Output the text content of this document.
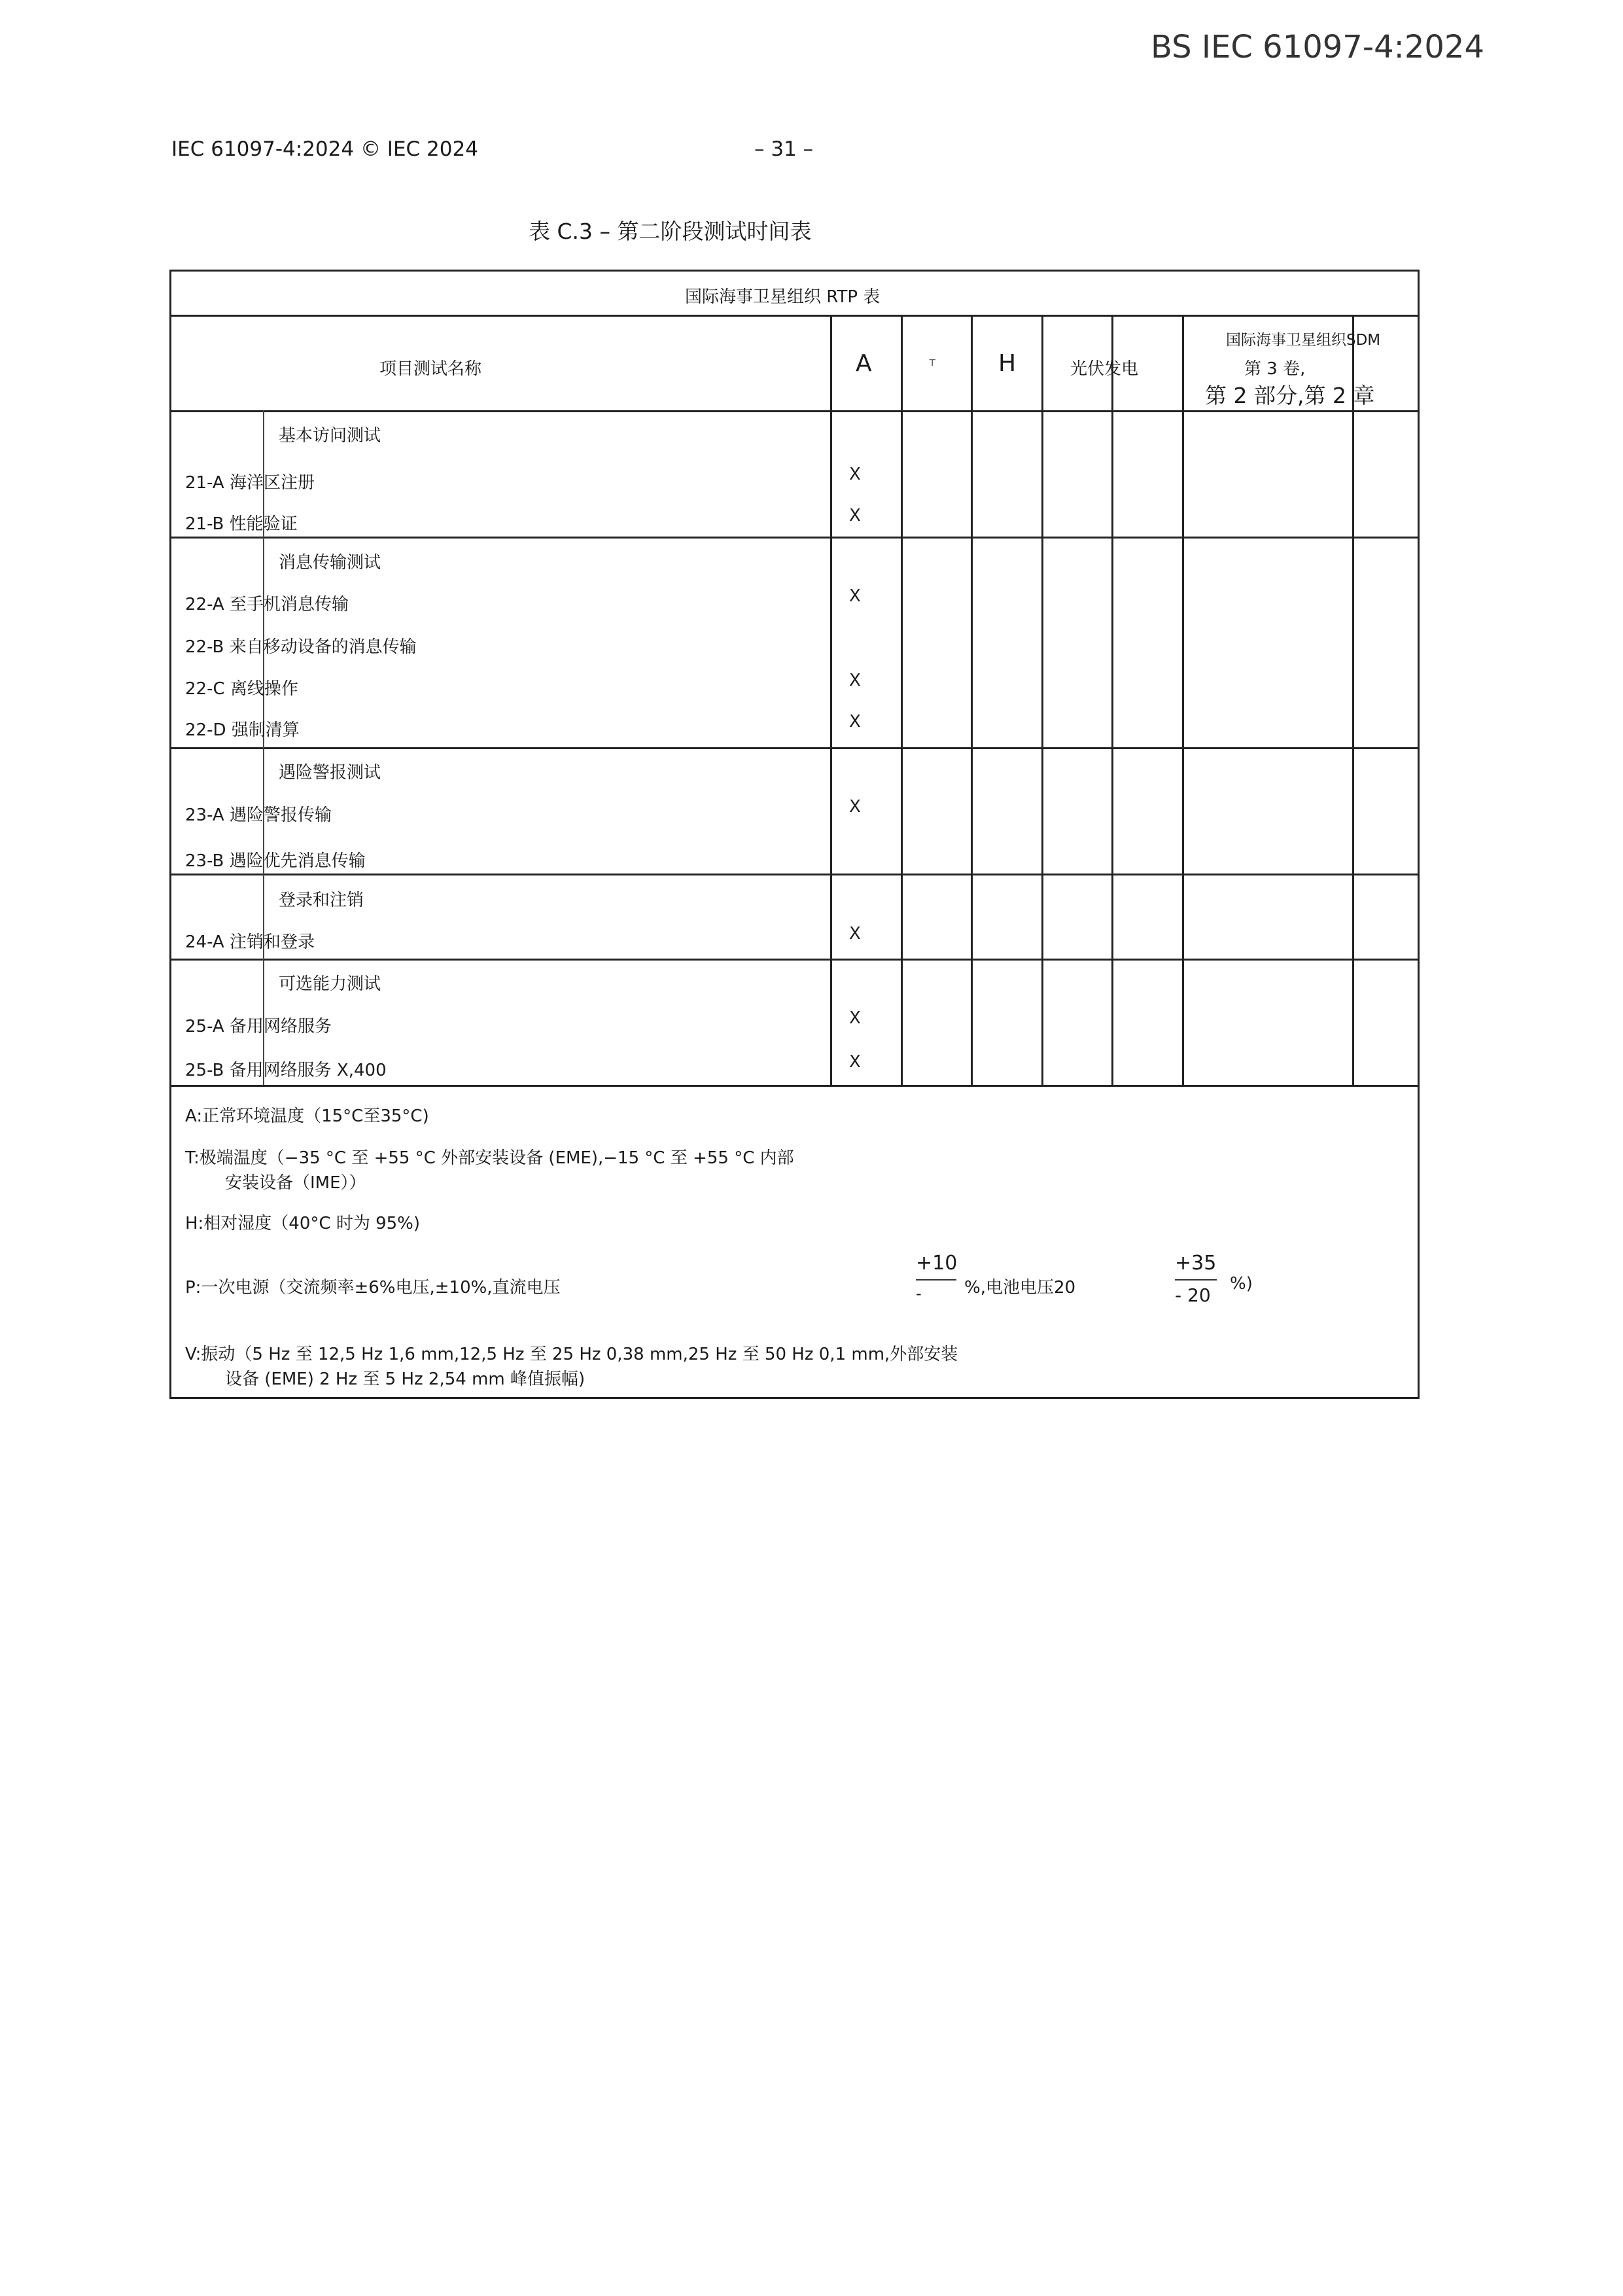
BS IEC 61097-4:2024
IEC 61097-4:2024 © IEC 2024	– 31 –
表 C.3 – 第二阶段测试时间表
国际海事卫星组织 RTP 表
项目测试名称	A	т	H	光伏发电
国际海事卫星组织SDM
第 3 卷,
第 2 部分,第 2 章
基本访问测试
21-A 海洋区注册	X
21-B 性能验证	X
消息传输测试
22-A 至手机消息传输	X
22-B 来自移动设备的消息传输
22-C 离线操作	X
22-D 强制清算	X
遇险警报测试
23-A 遇险警报传输	X
23-B 遇险优先消息传输
登录和注销
24-A 注销和登录	X
可选能力测试
25-A 备用网络服务	X
25-B 备用网络服务 X,400	X
A:正常环境温度（15°C至35°C)
T:极端温度（−35 °C 至 +55 °C 外部安装设备 (EME),−15 °C 至 +55 °C 内部
安装设备（IME））
H:相对湿度（40°C 时为 95%)
P:一次电源（交流频率±6%电压,±10%,直流电压
+10
-	%,电池电压20
+35
- 20
%)
V:振动（5 Hz 至 12,5 Hz 1,6 mm,12,5 Hz 至 25 Hz 0,38 mm,25 Hz 至 50 Hz 0,1 mm,外部安装
设备 (EME) 2 Hz 至 5 Hz 2,54 mm 峰值振幅)
